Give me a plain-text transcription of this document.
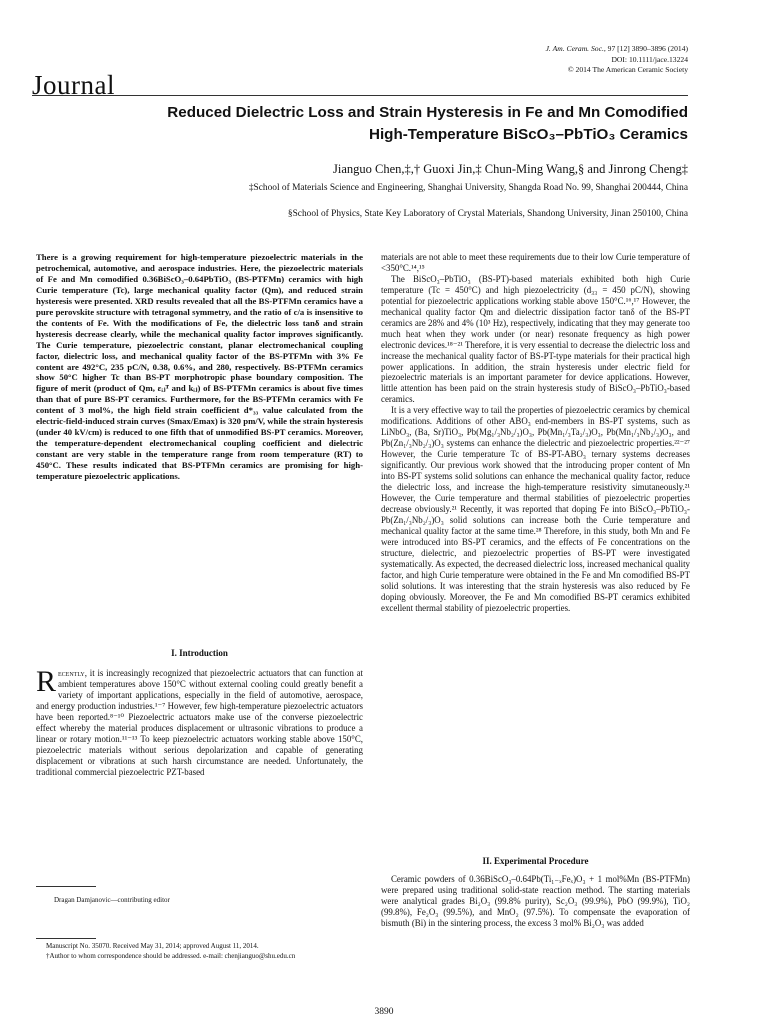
J. Am. Ceram. Soc., 97 [12] 3890–3896 (2014)
DOI: 10.1111/jace.13224
© 2014 The American Ceramic Society
Journal
Reduced Dielectric Loss and Strain Hysteresis in Fe and Mn Comodified
High-Temperature BiScO₃–PbTiO₃ Ceramics
Jianguo Chen,‡,† Guoxi Jin,‡ Chun-Ming Wang,§ and Jinrong Cheng‡
‡School of Materials Science and Engineering, Shanghai University, Shangda Road No. 99, Shanghai 200444, China
§School of Physics, State Key Laboratory of Crystal Materials, Shandong University, Jinan 250100, China
There is a growing requirement for high-temperature piezoelectric materials in the petrochemical, automotive, and aerospace industries. Here, the piezoelectric materials of Fe and Mn comodified 0.36BiScO₃–0.64PbTiO₃ (BS-PTFMn) ceramics with high Curie temperature (Tc), large mechanical quality factor (Qm), and reduced strain hysteresis were presented. XRD results revealed that all the BS-PTFMn ceramics have a pure perovskite structure with tetragonal symmetry, and the ratio of c/a is insensitive to the contents of Fe. With the modifications of Fe, the dielectric loss tanδ and strain hysteresis decrease clearly, while the mechanical quality factor improves significantly. The Curie temperature, piezoelectric constant, planar electromechanical coupling factor, dielectric loss, and mechanical quality factor of the BS-PTFMn with 3% Fe content are 492°C, 235 pC/N, 0.38, 0.6%, and 280, respectively. BS-PTFMn ceramics show 50°C higher Tc than BS-PT morphotropic phase boundary composition. The figure of merit (product of Qm, εᵢⱼᵀ and kᵢⱼ) of BS-PTFMn ceramics is about five times than that of pure BS-PT ceramics. Furthermore, for the BS-PTFMn ceramics with Fe content of 3 mol%, the high field strain coefficient d*₃₃ value calculated from the electric-field-induced strain curves (Smax/Emax) is 320 pm/V, while the strain hysteresis (under 40 kV/cm) is reduced to one fifth that of unmodified BS-PT ceramics. Moreover, the temperature-dependent electromechanical coupling coefficient and dielectric constant are very stable in the temperature range from room temperature (RT) to 450°C. These results indicated that BS-PTFMn ceramics are promising for high-temperature piezoelectric applications.
I. Introduction
Recently, it is increasingly recognized that piezoelectric actuators that can function at ambient temperatures above 150°C without external cooling could greatly benefit a variety of important applications, especially in the field of automotive, aerospace, and energy production industries.¹⁻⁷ However, few high-temperature piezoelectric actuators have been reported.⁸⁻¹⁰ Piezoelectric actuators make use of the converse piezoelectric effect whereby the material produces displacement or ultrasonic vibrations to produce a linear or rotary motion.¹¹⁻¹³ To keep piezoelectric actuators working stable above 150°C, piezoelectric materials without serious depolarization and capable of generating displacement or vibrations at such harsh circumstance are needed. Unfortunately, the traditional commercial piezoelectric PZT-based
Dragan Damjanovic—contributing editor
Manuscript No. 35070. Received May 31, 2014; approved August 11, 2014.
†Author to whom correspondence should be addressed. e-mail: chenjianguo@shu.edu.cn

materials are not able to meet these requirements due to their low Curie temperature of <350°C.¹⁴,¹⁵

The BiScO₃–PbTiO₃ (BS-PT)-based materials exhibited both high Curie temperature (Tc = 450°C) and high piezoelectricity (d₃₃ = 450 pC/N), showing potential for piezoelectric applications working stable above 150°C.¹⁶,¹⁷ However, the mechanical quality factor Qm and dielectric dissipation factor tanδ of the BS-PT ceramics are 28% and 4% (10³ Hz), respectively, indicating that they may generate too much heat when they work under (or near) resonate frequency as high power electronic devices.¹⁸⁻²¹ Therefore, it is very essential to decrease the dielectric loss and increase the mechanical quality factor of BS-PT-type materials for their practical high power applications. In addition, the strain hysteresis under electric field for piezoelectric materials is an important parameter for device applications. However, little attention has been paid on the strain hysteresis study of BiScO₃–PbTiO₃-based ceramics.

It is a very effective way to tail the properties of piezoelectric ceramics by chemical modifications. Additions of other ABO₃ end-members in BS-PT systems, such as LiNbO₃, (Ba, Sr)TiO₃, Pb(Mg₁/₃Nb₂/₃)O₃, Pb(Mn₁/₃Ta₂/₃)O₃, Pb(Mn₁/₃Nb₂/₃)O₃, and Pb(Zn₁/₃Nb₂/₃)O₃ systems can enhance the dielectric and piezoelectric properties.²²⁻²⁷ However, the Curie temperature Tc of BS-PT-ABO₃ ternary systems decreases significantly. Our previous work showed that the introducing proper content of Mn into BS-PT systems solid solutions can enhance the mechanical quality factor, reduce the dielectric loss, and increase the high-temperature resistivity simutaneously.²¹ However, the Curie temperature and thermal stabilities of piezoelectric properties decrease obviously.²¹ Recently, it was reported that doping Fe into BiScO₃–PbTiO₃-Pb(Zn₁/₃Nb₂/₃)O₃ solid solutions can increase both the Curie temperature and mechanical quality factor at the same time.²⁸ Therefore, in this study, both Mn and Fe were introduced into BS-PT ceramics, and the effects of Fe concentrations on the structure, dielectric, and piezoelectric properties of BS-PT were investigated systematically. As expected, the decreased dielectric loss, increased mechanical quality factor, and high Curie temperature were obtained in the Fe and Mn comodified BS-PT solid solutions. It was interesting that the strain hysteresis was also reduced by Fe doping obviously. Moreover, the Fe and Mn comodified BS-PT ceramics exhibited excellent thermal stability of piezoelectric properties.

II. Experimental Procedure
Ceramic powders of 0.36BiScO₃–0.64Pb(Ti₁₋ₓFeₓ)O₃ + 1 mol%Mn (BS-PTFMn) were prepared using traditional solid-state reaction method. The starting materials were analytical grades Bi₂O₃ (99.8% purity), Sc₂O₃ (99.9%), PbO (99.9%), TiO₂ (99.8%), Fe₂O₃ (99.5%), and MnO₂ (97.5%). To compensate the evaporation of bismuth (Bi) in the sintering process, the excess 3 mol% Bi₂O₃ was added
3890
